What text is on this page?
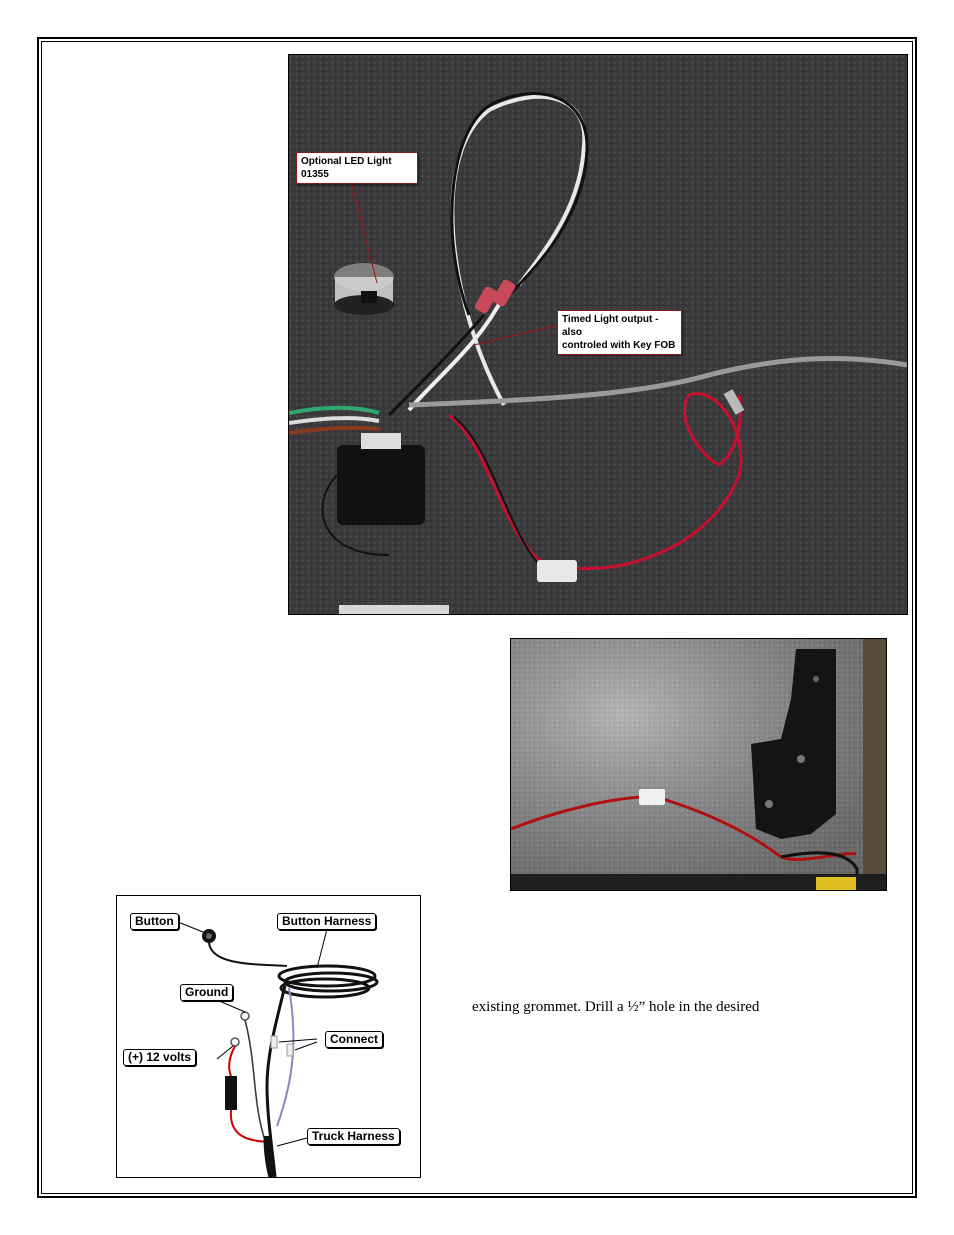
Optional LED Light 01355
Timed Light output - also
controled with Key FOB
Button	Button Harness
Ground
Connect
(+) 12 volts
Truck Harness
existing grommet. Drill a ½” hole in the desired
